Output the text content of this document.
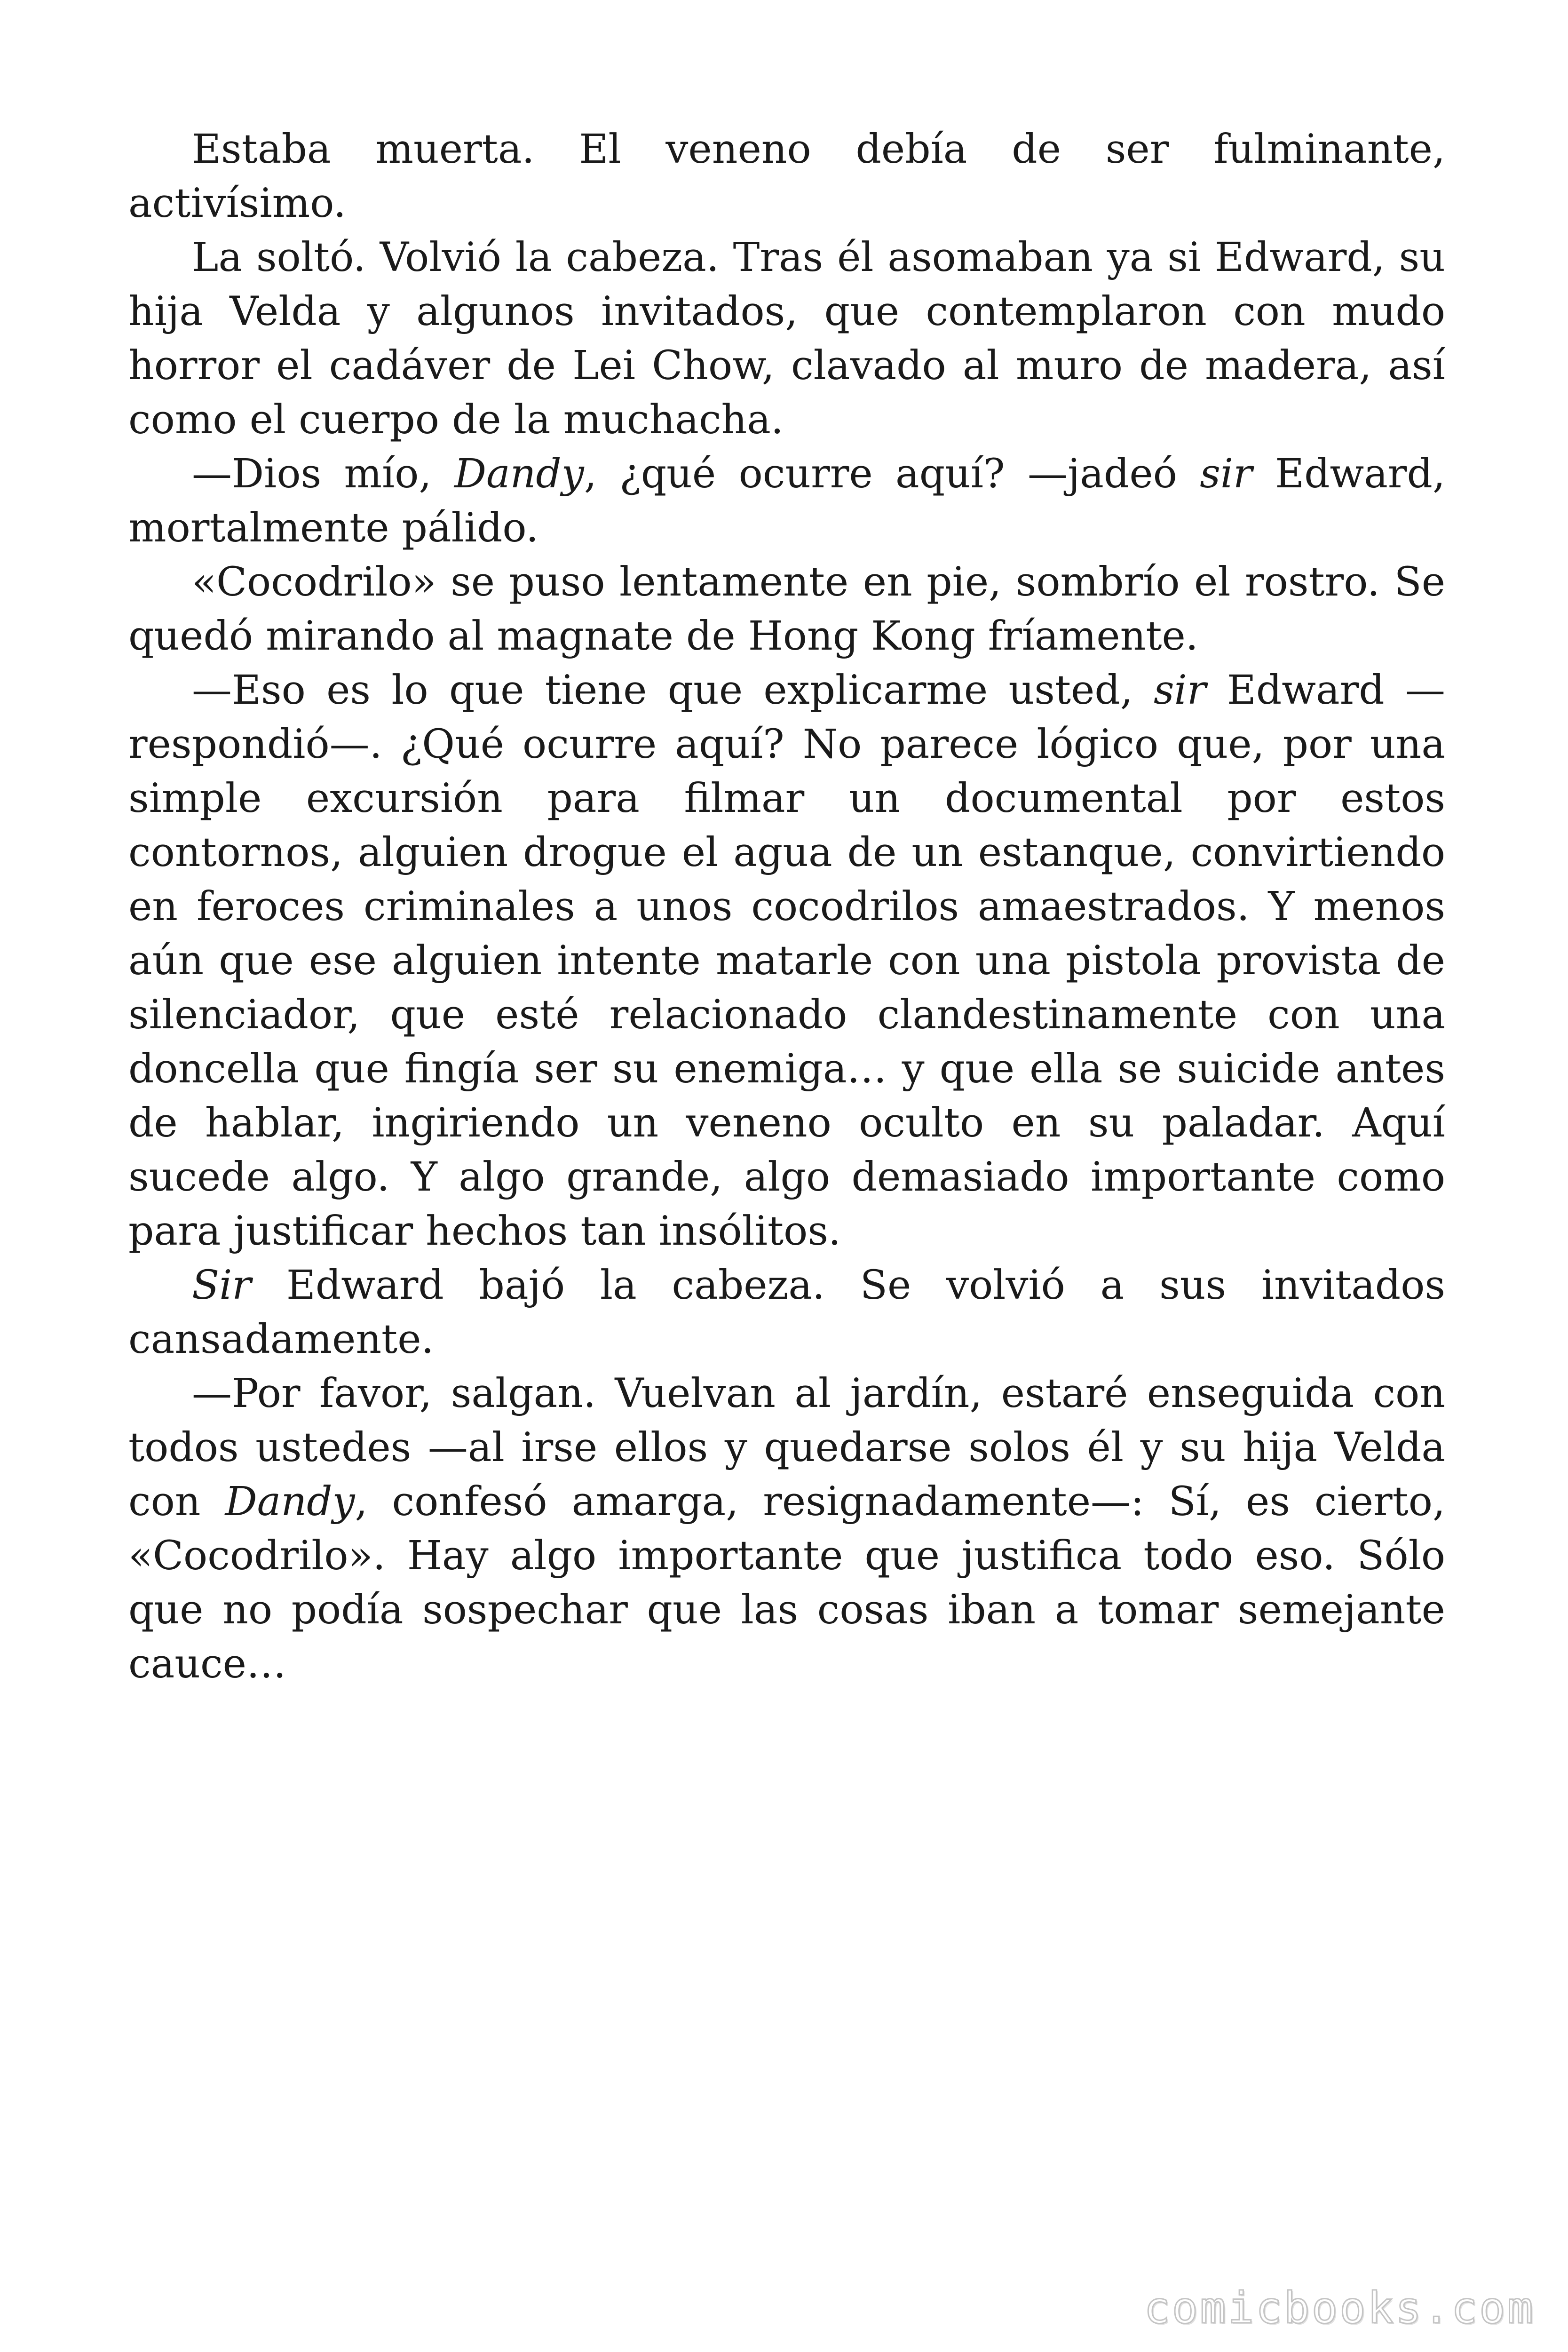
Estaba muerta. El veneno debía de ser fulminante, activísimo.

La soltó. Volvió la cabeza. Tras él asomaban ya si Edward, su hija Velda y algunos invitados, que contemplaron con mudo horror el cadáver de Lei Chow, clavado al muro de madera, así como el cuerpo de la muchacha.

—Dios mío, Dandy, ¿qué ocurre aquí? —jadeó sir Edward, mortalmente pálido.

«Cocodrilo» se puso lentamente en pie, sombrío el rostro. Se quedó mirando al magnate de Hong Kong fríamente.

—Eso es lo que tiene que explicarme usted, sir Edward — respondió—. ¿Qué ocurre aquí? No parece lógico que, por una simple excursión para filmar un documental por estos contornos, alguien drogue el agua de un estanque, convirtiendo en feroces criminales a unos cocodrilos amaestrados. Y menos aún que ese alguien intente matarle con una pistola provista de silenciador, que esté relacionado clandestinamente con una doncella que fingía ser su enemiga… y que ella se suicide antes de hablar, ingiriendo un veneno oculto en su paladar. Aquí sucede algo. Y algo grande, algo demasiado importante como para justificar hechos tan insólitos.

Sir Edward bajó la cabeza. Se volvió a sus invitados cansadamente.

—Por favor, salgan. Vuelvan al jardín, estaré enseguida con todos ustedes —al irse ellos y quedarse solos él y su hija Velda con Dandy, confesó amarga, resignadamente—: Sí, es cierto, «Cocodrilo». Hay algo importante que justifica todo eso. Sólo que no podía sospechar que las cosas iban a tomar semejante cauce…

comicbooks.com
